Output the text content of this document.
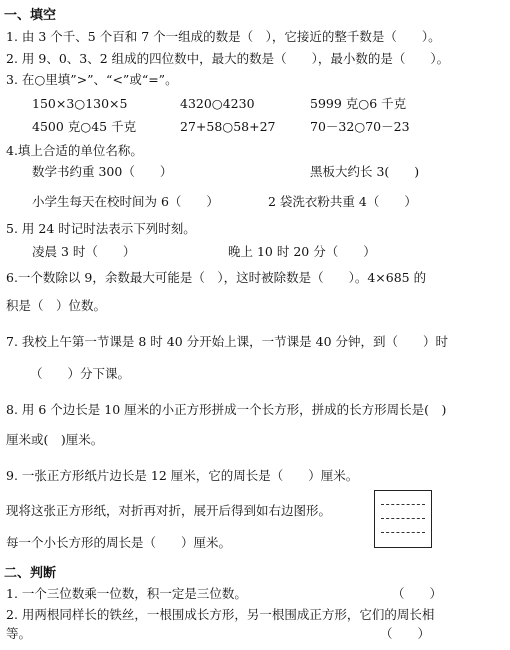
一、填空
1. 由 3 个千、5 个百和 7 个一组成的数是（　），它接近的整千数是（　　）。
2. 用 9、0、3、2 组成的四位数中，最大的数是（　　），最小数的是（　　）。
3. 在○里填”>”、“<”或“=”。
150×3○130×5	4320○4230	5999 克○6 千克
4500 克○45 千克	27+58○58+27	70－32○70－23
4.填上合适的单位名称。
数学书约重 300（　　）	黑板大约长 3(　　)
小学生每天在校时间为 6（　　）	2 袋洗衣粉共重 4（　　）
5. 用 24 时记时法表示下列时刻。
凌晨 3 时（　　）	晚上 10 时 20 分（　　）
6.一个数除以 9，余数最大可能是（　），这时被除数是（　　）。4×685 的
积是（　）位数。
7. 我校上午第一节课是 8 时 40 分开始上课，一节课是 40 分钟，到（　　）时
（　　）分下课。
8. 用 6 个边长是 10 厘米的小正方形拼成一个长方形，拼成的长方形周长是(　)
厘米或(　)厘米。
9. 一张正方形纸片边长是 12 厘米，它的周长是（　　）厘米。
现将这张正方形纸，对折再对折，展开后得到如右边图形。
每一个小长方形的周长是（　　）厘米。
二、判断
1. 一个三位数乘一位数，积一定是三位数。	（　　）
2. 用两根同样长的铁丝，一根围成长方形，另一根围成正方形，它们的周长相
等。	（　　）
